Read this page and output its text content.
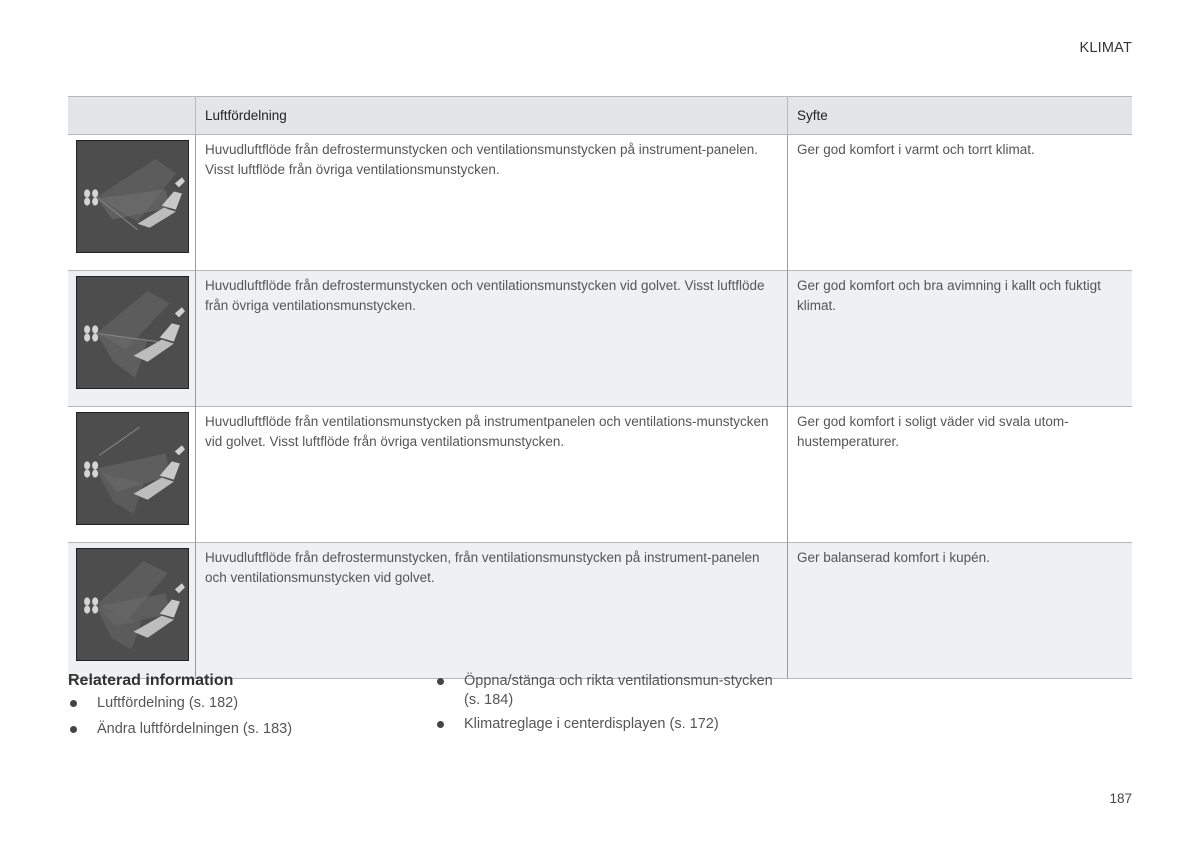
KLIMAT
	Luftfördelning	Syfte

	Huvudluftflöde från defrostermunstycken och ventilationsmunstycken på instrument-panelen. Visst luftflöde från övriga ventilationsmunstycken.	Ger god komfort i varmt och torrt klimat.

	Huvudluftflöde från defrostermunstycken och ventilationsmunstycken vid golvet. Visst luftflöde från övriga ventilationsmunstycken.	Ger god komfort och bra avimning i kallt och fuktigt klimat.

	Huvudluftflöde från ventilationsmunstycken på instrumentpanelen och ventilations-munstycken vid golvet. Visst luftflöde från övriga ventilationsmunstycken.	Ger god komfort i soligt väder vid svala utom-hustemperaturer.

	Huvudluftflöde från defrostermunstycken, från ventilationsmunstycken på instrument-panelen och ventilationsmunstycken vid golvet.	Ger balanserad komfort i kupén.
Relaterad information
Luftfördelning (s. 182)
Ändra luftfördelningen (s. 183)
Öppna/stänga och rikta ventilationsmun-stycken (s. 184)
Klimatreglage i centerdisplayen (s. 172)
187
